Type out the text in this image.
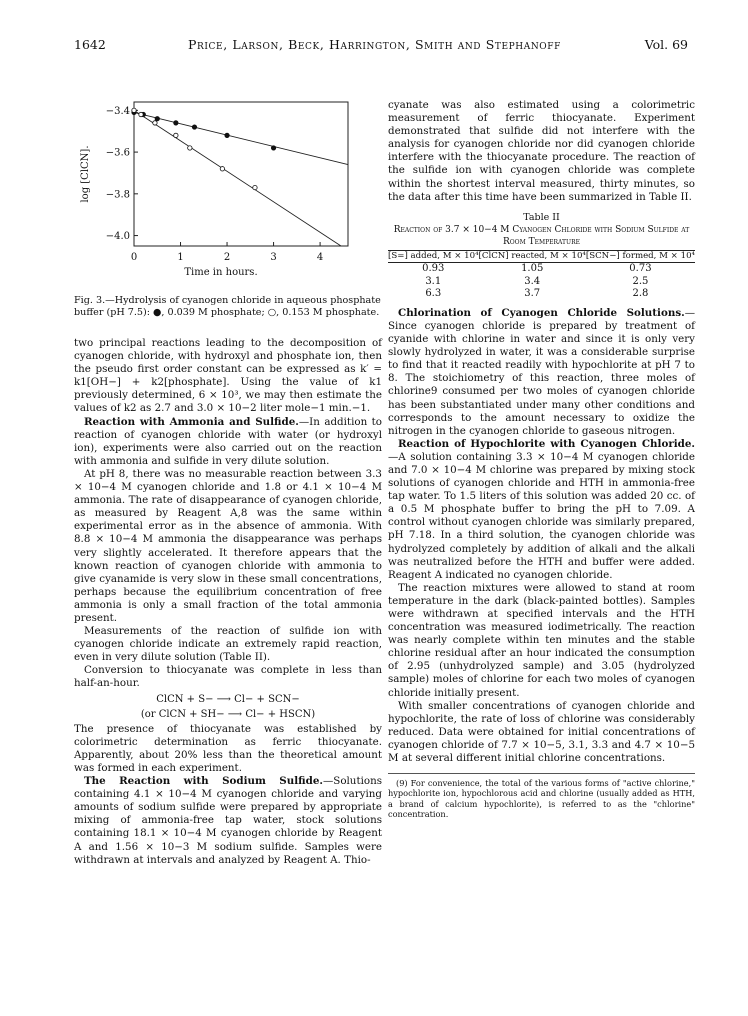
1642	Price, Larson, Beck, Harrington, Smith and Stephanoff	Vol. 69
0	1	2	3	4
−3.4
−3.6
−3.8
−4.0
Time in hours.
log [ClCN].
Fig. 3.—Hydrolysis of cyanogen chloride in aqueous phosphate buffer (pH 7.5): ●, 0.039 M phosphate; ○, 0.153 M phosphate.

two principal reactions leading to the decomposition of cyanogen chloride, with hydroxyl and phosphate ion, then the pseudo first order constant can be expressed as k′ = k1[OH−] + k2[phosphate]. Using the value of k1 previously determined, 6 × 10³, we may then estimate the values of k2 as 2.7 and 3.0 × 10−2 liter mole−1 min.−1.

Reaction with Ammonia and Sulfide.—In addition to reaction of cyanogen chloride with water (or hydroxyl ion), experiments were also carried out on the reaction with ammonia and sulfide in very dilute solution.

At pH 8, there was no measurable reaction between 3.3 × 10−4 M cyanogen chloride and 1.8 or 4.1 × 10−4 M ammonia. The rate of disappearance of cyanogen chloride, as measured by Reagent A,8 was the same within experimental error as in the absence of ammonia. With 8.8 × 10−4 M ammonia the disappearance was perhaps very slightly accelerated. It therefore appears that the known reaction of cyanogen chloride with ammonia to give cyanamide is very slow in these small concentrations, perhaps because the equilibrium concentration of free ammonia is only a small fraction of the total ammonia present.

Measurements of the reaction of sulfide ion with cyanogen chloride indicate an extremely rapid reaction, even in very dilute solution (Table II).

Conversion to thiocyanate was complete in less than half-an-hour.

ClCN + S− ⟶ Cl− + SCN−
(or ClCN + SH− ⟶ Cl− + HSCN)

The presence of thiocyanate was established by colorimetric determination as ferric thiocyanate. Apparently, about 20% less than the theoretical amount was formed in each experiment.

The Reaction with Sodium Sulfide.—Solutions containing 4.1 × 10−4 M cyanogen chloride and varying amounts of sodium sulfide were prepared by appropriate mixing of ammonia-free tap water, stock solutions containing 18.1 × 10−4 M cyanogen chloride by Reagent A and 1.56 × 10−3 M sodium sulfide. Samples were withdrawn at intervals and analyzed by Reagent A. Thio-

cyanate was also estimated using a colorimetric measurement of ferric thiocyanate. Experiment demonstrated that sulfide did not interfere with the analysis for cyanogen chloride nor did cyanogen chloride interfere with the thiocyanate procedure. The reaction of the sulfide ion with cyanogen chloride was complete within the shortest interval measured, thirty minutes, so the data after this time have been summarized in Table II.

Table II
Reaction of 3.7 × 10−4 M Cyanogen Chloride with Sodium Sulfide at Room Temperature
[S=] added, M × 10⁴	[ClCN] reacted, M × 10⁴	[SCN−] formed, M × 10⁴
0.93	1.05	0.73
3.1	3.4	2.5
6.3	3.7	2.8

Chlorination of Cyanogen Chloride Solutions.—Since cyanogen chloride is prepared by treatment of cyanide with chlorine in water and since it is only very slowly hydrolyzed in water, it was a considerable surprise to find that it reacted readily with hypochlorite at pH 7 to 8. The stoichiometry of this reaction, three moles of chlorine9 consumed per two moles of cyanogen chloride has been substantiated under many other conditions and corresponds to the amount necessary to oxidize the nitrogen in the cyanogen chloride to gaseous nitrogen.

Reaction of Hypochlorite with Cyanogen Chloride.—A solution containing 3.3 × 10−4 M cyanogen chloride and 7.0 × 10−4 M chlorine was prepared by mixing stock solutions of cyanogen chloride and HTH in ammonia-free tap water. To 1.5 liters of this solution was added 20 cc. of a 0.5 M phosphate buffer to bring the pH to 7.09. A control without cyanogen chloride was similarly prepared, pH 7.18. In a third solution, the cyanogen chloride was hydrolyzed completely by addition of alkali and the alkali was neutralized before the HTH and buffer were added. Reagent A indicated no cyanogen chloride.

The reaction mixtures were allowed to stand at room temperature in the dark (black-painted bottles). Samples were withdrawn at specified intervals and the HTH concentration was measured iodimetrically. The reaction was nearly complete within ten minutes and the stable chlorine residual after an hour indicated the consumption of 2.95 (unhydrolyzed sample) and 3.05 (hydrolyzed sample) moles of chlorine for each two moles of cyanogen chloride initially present.

With smaller concentrations of cyanogen chloride and hypochlorite, the rate of loss of chlorine was considerably reduced. Data were obtained for initial concentrations of cyanogen chloride of 7.7 × 10−5, 3.1, 3.3 and 4.7 × 10−5 M at several different initial chlorine concentrations.

(9) For convenience, the total of the various forms of "active chlorine," hypochlorite ion, hypochlorous acid and chlorine (usually added as HTH, a brand of calcium hypochlorite), is referred to as the "chlorine" concentration.
